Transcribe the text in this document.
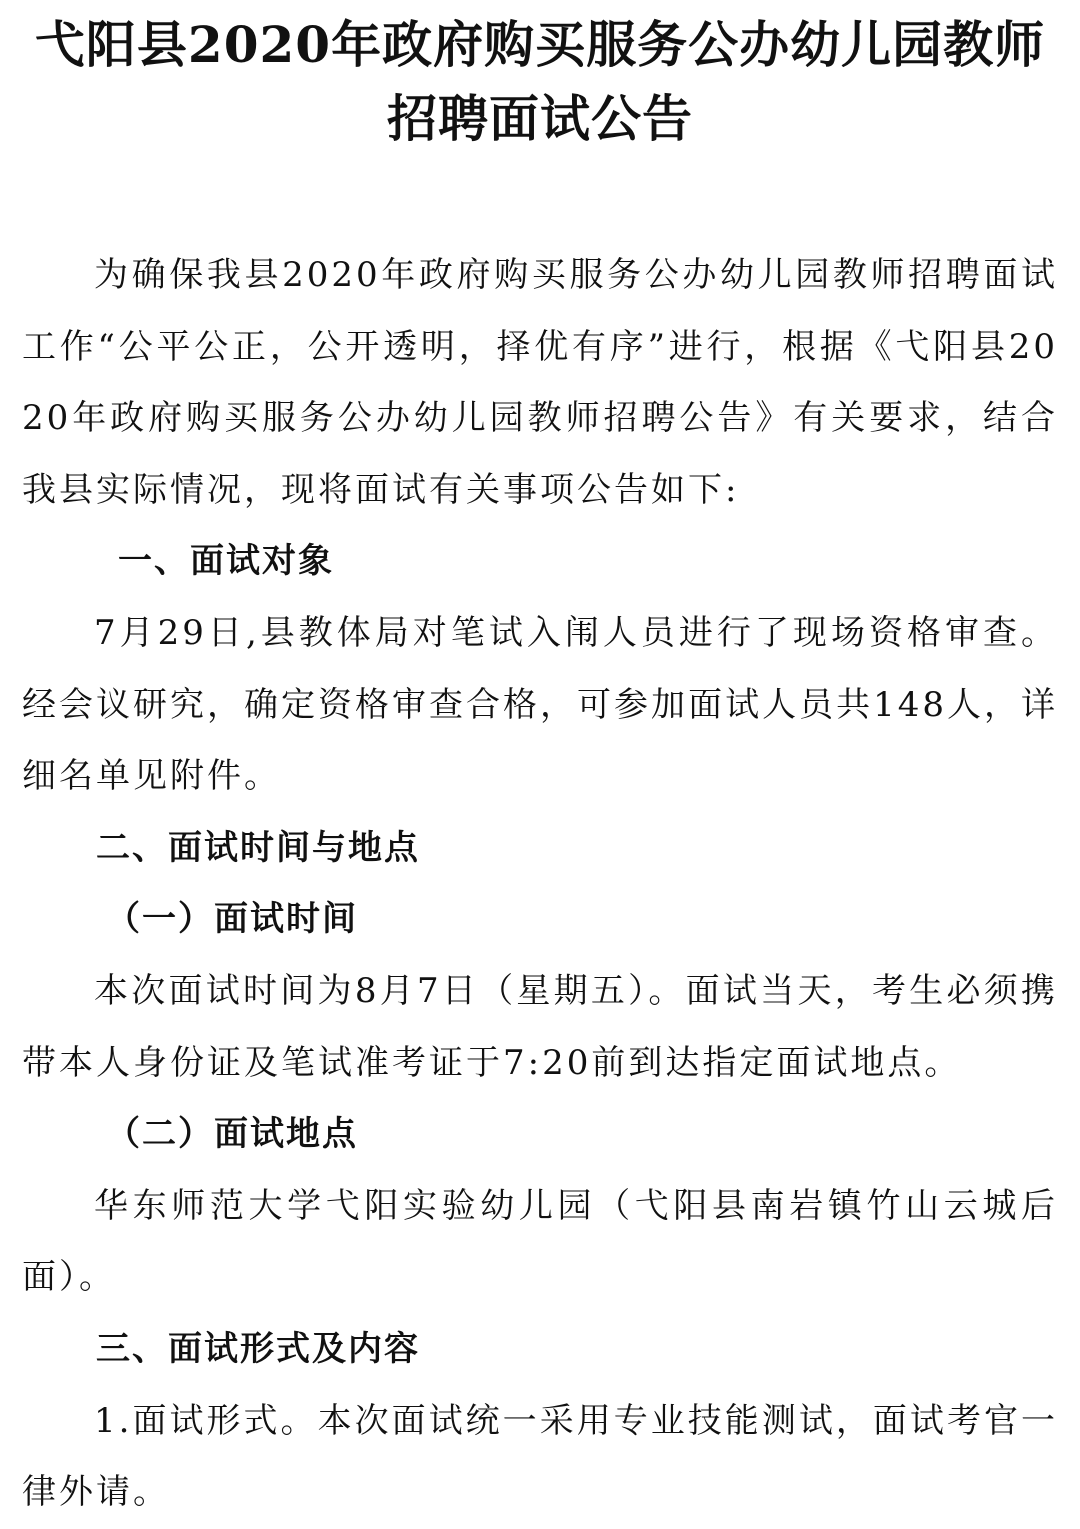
弋阳县2020年政府购买服务公办幼儿园教师
招聘面试公告

为确保我县2020年政府购买服务公办幼儿园教师招聘面试工作“公平公正，公开透明，择优有序”进行，根据《弋阳县2020年政府购买服务公办幼儿园教师招聘公告》有关要求，结合我县实际情况，现将面试有关事项公告如下:

一、面试对象

7月29日,县教体局对笔试入闱人员进行了现场资格审查。经会议研究，确定资格审查合格，可参加面试人员共148人，详细名单见附件。

二、面试时间与地点
（一）面试时间

本次面试时间为8月7日（星期五）。面试当天，考生必须携带本人身份证及笔试准考证于7:20前到达指定面试地点。

（二）面试地点

华东师范大学弋阳实验幼儿园（弋阳县南岩镇竹山云城后面）。

三、面试形式及内容

1.面试形式。本次面试统一采用专业技能测试，面试考官一律外请。
